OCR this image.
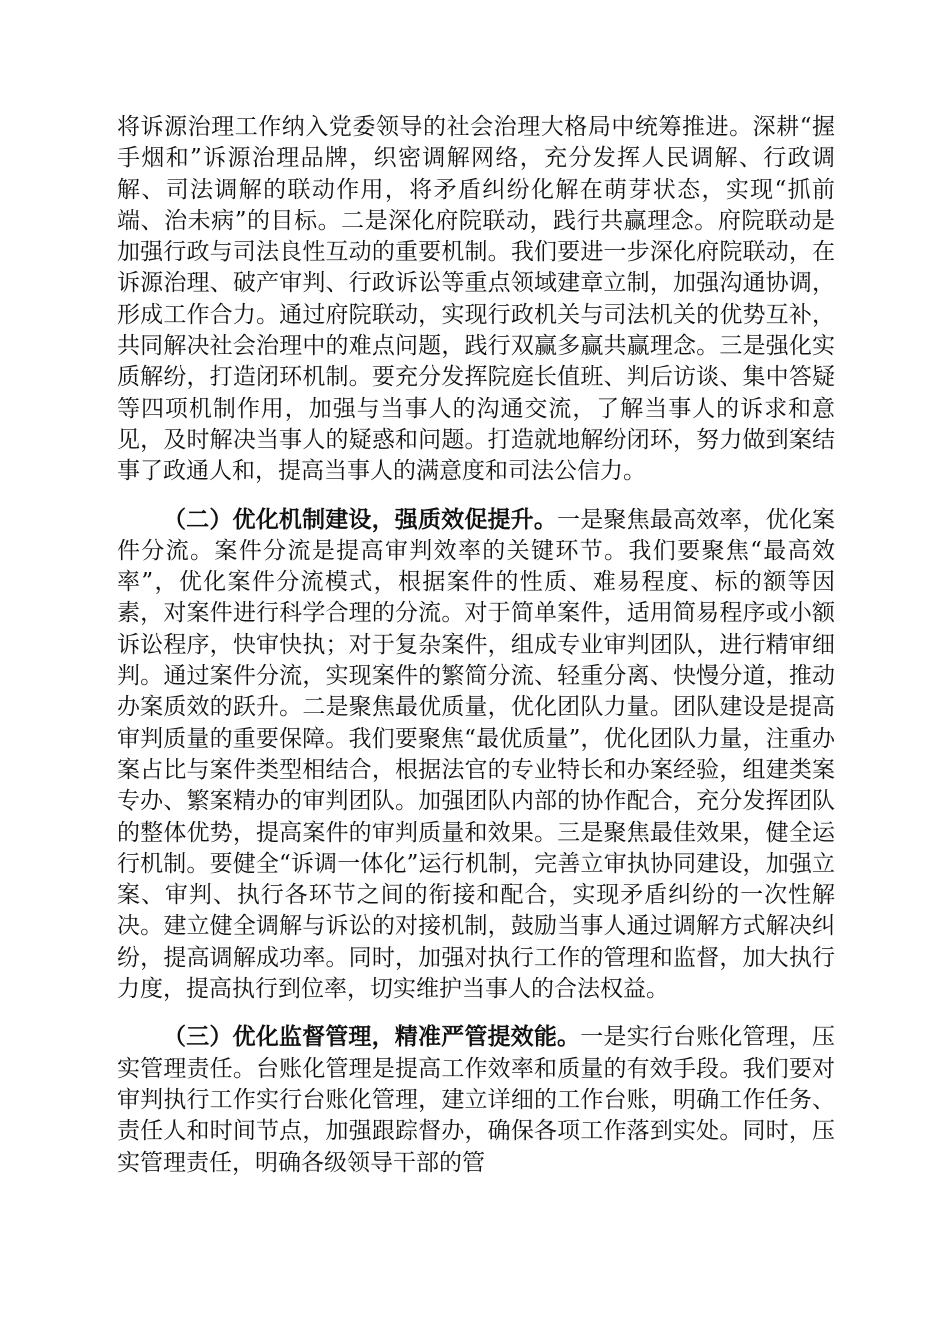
将诉源治理工作纳入党委领导的社会治理大格局中统筹推进。深耕“握手烟和”诉源治理品牌，织密调解网络，充分发挥人民调解、行政调解、司法调解的联动作用，将矛盾纠纷化解在萌芽状态，实现“抓前端、治未病”的目标。二是深化府院联动，践行共赢理念。府院联动是加强行政与司法良性互动的重要机制。我们要进一步深化府院联动，在诉源治理、破产审判、行政诉讼等重点领域建章立制，加强沟通协调，形成工作合力。通过府院联动，实现行政机关与司法机关的优势互补，共同解决社会治理中的难点问题，践行双赢多赢共赢理念。三是强化实质解纷，打造闭环机制。要充分发挥院庭长值班、判后访谈、集中答疑等四项机制作用，加强与当事人的沟通交流，了解当事人的诉求和意见，及时解决当事人的疑惑和问题。打造就地解纷闭环，努力做到案结事了政通人和，提高当事人的满意度和司法公信力。

（二）优化机制建设，强质效促提升。一是聚焦最高效率，优化案件分流。案件分流是提高审判效率的关键环节。我们要聚焦“最高效率”，优化案件分流模式，根据案件的性质、难易程度、标的额等因素，对案件进行科学合理的分流。对于简单案件，适用简易程序或小额诉讼程序，快审快执；对于复杂案件，组成专业审判团队，进行精审细判。通过案件分流，实现案件的繁简分流、轻重分离、快慢分道，推动办案质效的跃升。二是聚焦最优质量，优化团队力量。团队建设是提高审判质量的重要保障。我们要聚焦“最优质量”，优化团队力量，注重办案占比与案件类型相结合，根据法官的专业特长和办案经验，组建类案专办、繁案精办的审判团队。加强团队内部的协作配合，充分发挥团队的整体优势，提高案件的审判质量和效果。三是聚焦最佳效果，健全运行机制。要健全“诉调一体化”运行机制，完善立审执协同建设，加强立案、审判、执行各环节之间的衔接和配合，实现矛盾纠纷的一次性解决。建立健全调解与诉讼的对接机制，鼓励当事人通过调解方式解决纠纷，提高调解成功率。同时，加强对执行工作的管理和监督，加大执行力度，提高执行到位率，切实维护当事人的合法权益。

（三）优化监督管理，精准严管提效能。一是实行台账化管理，压实管理责任。台账化管理是提高工作效率和质量的有效手段。我们要对审判执行工作实行台账化管理，建立详细的工作台账，明确工作任务、责任人和时间节点，加强跟踪督办，确保各项工作落到实处。同时，压实管理责任，明确各级领导干部的管
